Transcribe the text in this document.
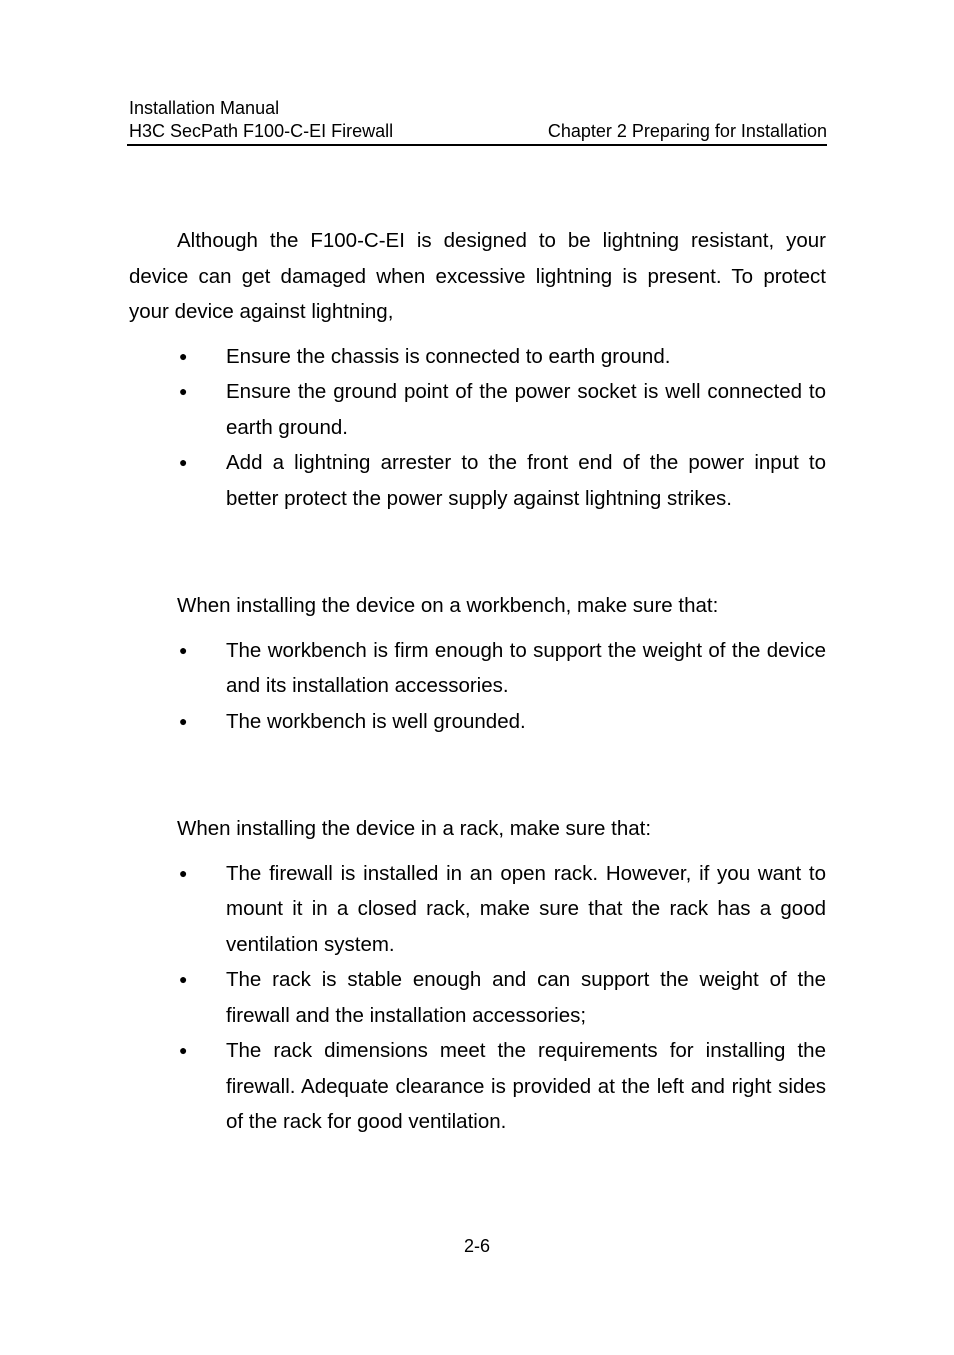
Installation Manual
H3C SecPath F100-C-EI Firewall	Chapter 2 Preparing for Installation

Although the F100-C-EI is designed to be lightning resistant, your device can get damaged when excessive lightning is present. To protect your device against lightning,

● Ensure the chassis is connected to earth ground.
● Ensure the ground point of the power socket is well connected to earth ground.
● Add a lightning arrester to the front end of the power input to better protect the power supply against lightning strikes.

When installing the device on a workbench, make sure that:

● The workbench is firm enough to support the weight of the device and its installation accessories.
● The workbench is well grounded.

When installing the device in a rack, make sure that:

● The firewall is installed in an open rack. However, if you want to mount it in a closed rack, make sure that the rack has a good ventilation system.
● The rack is stable enough and can support the weight of the firewall and the installation accessories;
● The rack dimensions meet the requirements for installing the firewall. Adequate clearance is provided at the left and right sides of the rack for good ventilation.
2-6
